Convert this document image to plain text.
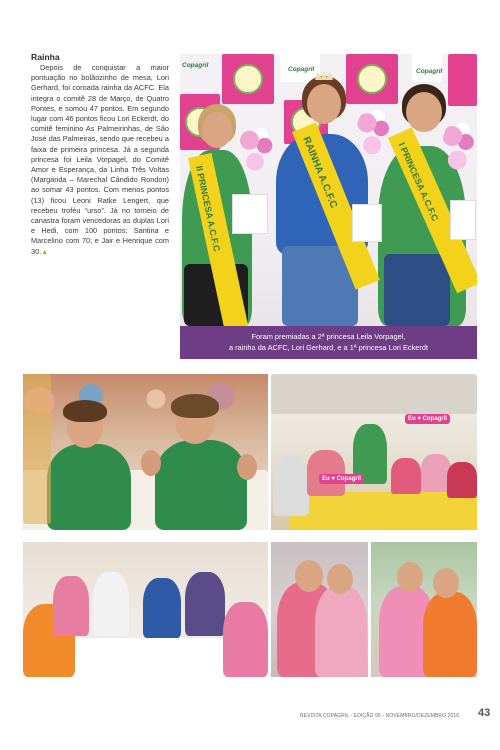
Rainha

Depois de conquistar a maior pontuação no bolãozinho de mesa, Lori Gerhard, foi coroada rainha da ACFC. Ela integra o comitê 28 de Março, de Quatro Pontes, e somou 47 pontos. Em segundo lugar com 46 pontos ficou Lori Eckerdt, do comitê feminino As Palmeirinhas, de São José das Palmeiras, sendo que recebeu a faixa de primeira princesa. Já a segunda princesa foi Leila Vorpagel, do Comitê Amor e Esperança, da Linha Três Voltas (Margarida – Marechal Cândido Rondon) ao somar 43 pontos. Com menos pontos (13) ficou Leoni Ratke Lengert, que recebeu troféu “urso”. Já no torneio de canastra foram vencedoras as duplas Lori e Hedi, com 100 pontos; Santina e Marcelino com 70; e Jair e Henrique com 30.▲

Copagril
Copagril	Copagril
II PRINCESA A.C.F.C	RAINHA A.C.F.C	I PRINCESA A.C.F.C
Foram premiadas a 2ª princesa Leila Vorpagel,
a rainha da ACFC, Lori Gerhard, e a 1ª princesa Lori Eckerdt
Eu ♥ Copagril
Eu ♥ Copagril
REVISTA COPAGRIL - EDIÇÃO 95 - NOVEMBRO/DEZEMBRO 2016 43
